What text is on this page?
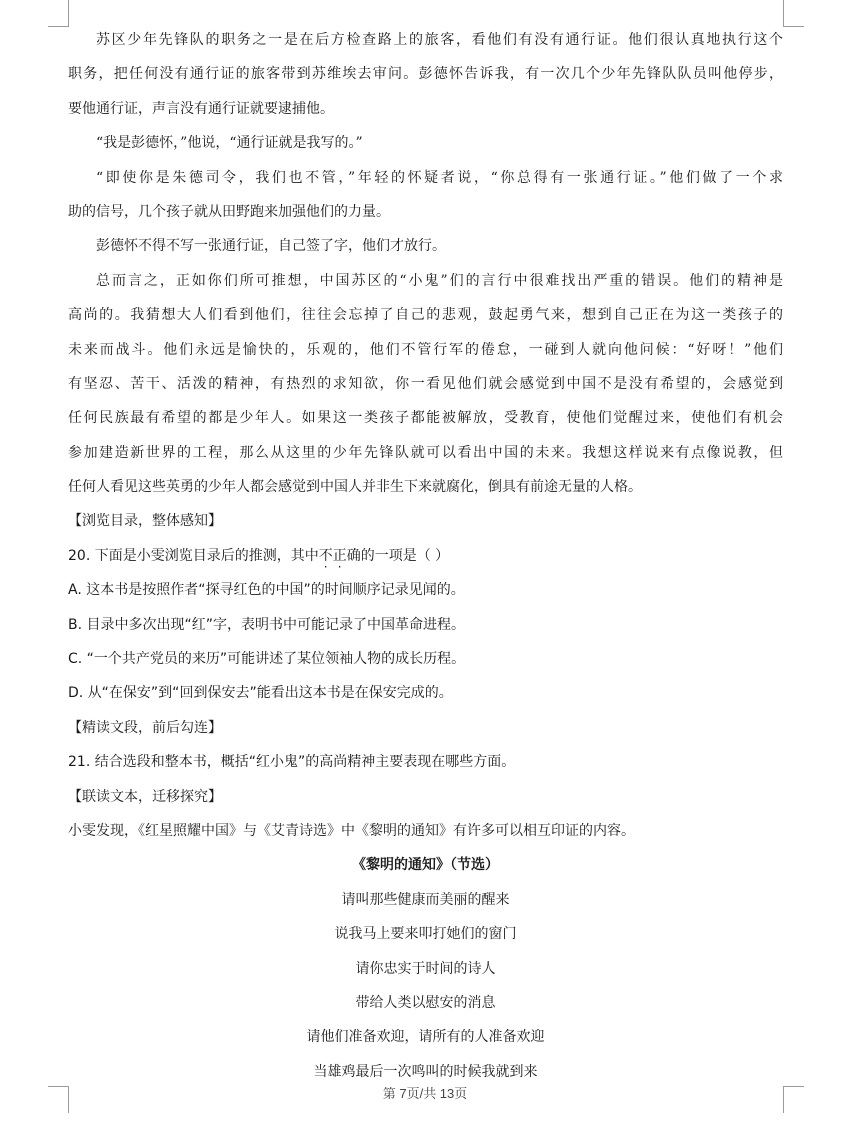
苏区少年先锋队的职务之一是在后方检查路上的旅客，看他们有没有通行证。他们很认真地执行这个
职务，把任何没有通行证的旅客带到苏维埃去审问。彭德怀告诉我，有一次几个少年先锋队队员叫他停步，
要他通行证，声言没有通行证就要逮捕他。
“我是彭德怀，”他说，“通行证就是我写的。”
“即使你是朱德司令，我们也不管，”年轻的怀疑者说，“你总得有一张通行证。”他们做了一个求
助的信号，几个孩子就从田野跑来加强他们的力量。
彭德怀不得不写一张通行证，自己签了字，他们才放行。
总而言之，正如你们所可推想，中国苏区的“小鬼”们的言行中很难找出严重的错误。他们的精神是
高尚的。我猜想大人们看到他们，往往会忘掉了自己的悲观，鼓起勇气来，想到自己正在为这一类孩子的
未来而战斗。他们永远是愉快的，乐观的，他们不管行军的倦怠，一碰到人就向他问候：“好呀！”他们
有坚忍、苦干、活泼的精神，有热烈的求知欲，你一看见他们就会感觉到中国不是没有希望的，会感觉到
任何民族最有希望的都是少年人。如果这一类孩子都能被解放，受教育，使他们觉醒过来，使他们有机会
参加建造新世界的工程，那么从这里的少年先锋队就可以看出中国的未来。我想这样说来有点像说教，但
任何人看见这些英勇的少年人都会感觉到中国人并非生下来就腐化，倒具有前途无量的人格。
【浏览目录，整体感知】
20. 下面是小雯浏览目录后的推测，其中不正确的一项是（ ）
A. 这本书是按照作者“探寻红色的中国”的时间顺序记录见闻的。
B. 目录中多次出现“红”字，表明书中可能记录了中国革命进程。
C. “一个共产党员的来历”可能讲述了某位领袖人物的成长历程。
D. 从“在保安”到“回到保安去”能看出这本书是在保安完成的。
【精读文段，前后勾连】
21. 结合选段和整本书，概括“红小鬼”的高尚精神主要表现在哪些方面。
【联读文本，迁移探究】
小雯发现，《红星照耀中国》与《艾青诗选》中《黎明的通知》有许多可以相互印证的内容。
《黎明的通知》（节选）
请叫那些健康而美丽的醒来
说我马上要来叩打她们的窗门
请你忠实于时间的诗人
带给人类以慰安的消息
请他们准备欢迎，请所有的人准备欢迎
当雄鸡最后一次鸣叫的时候我就到来
第 7页/共 13页
